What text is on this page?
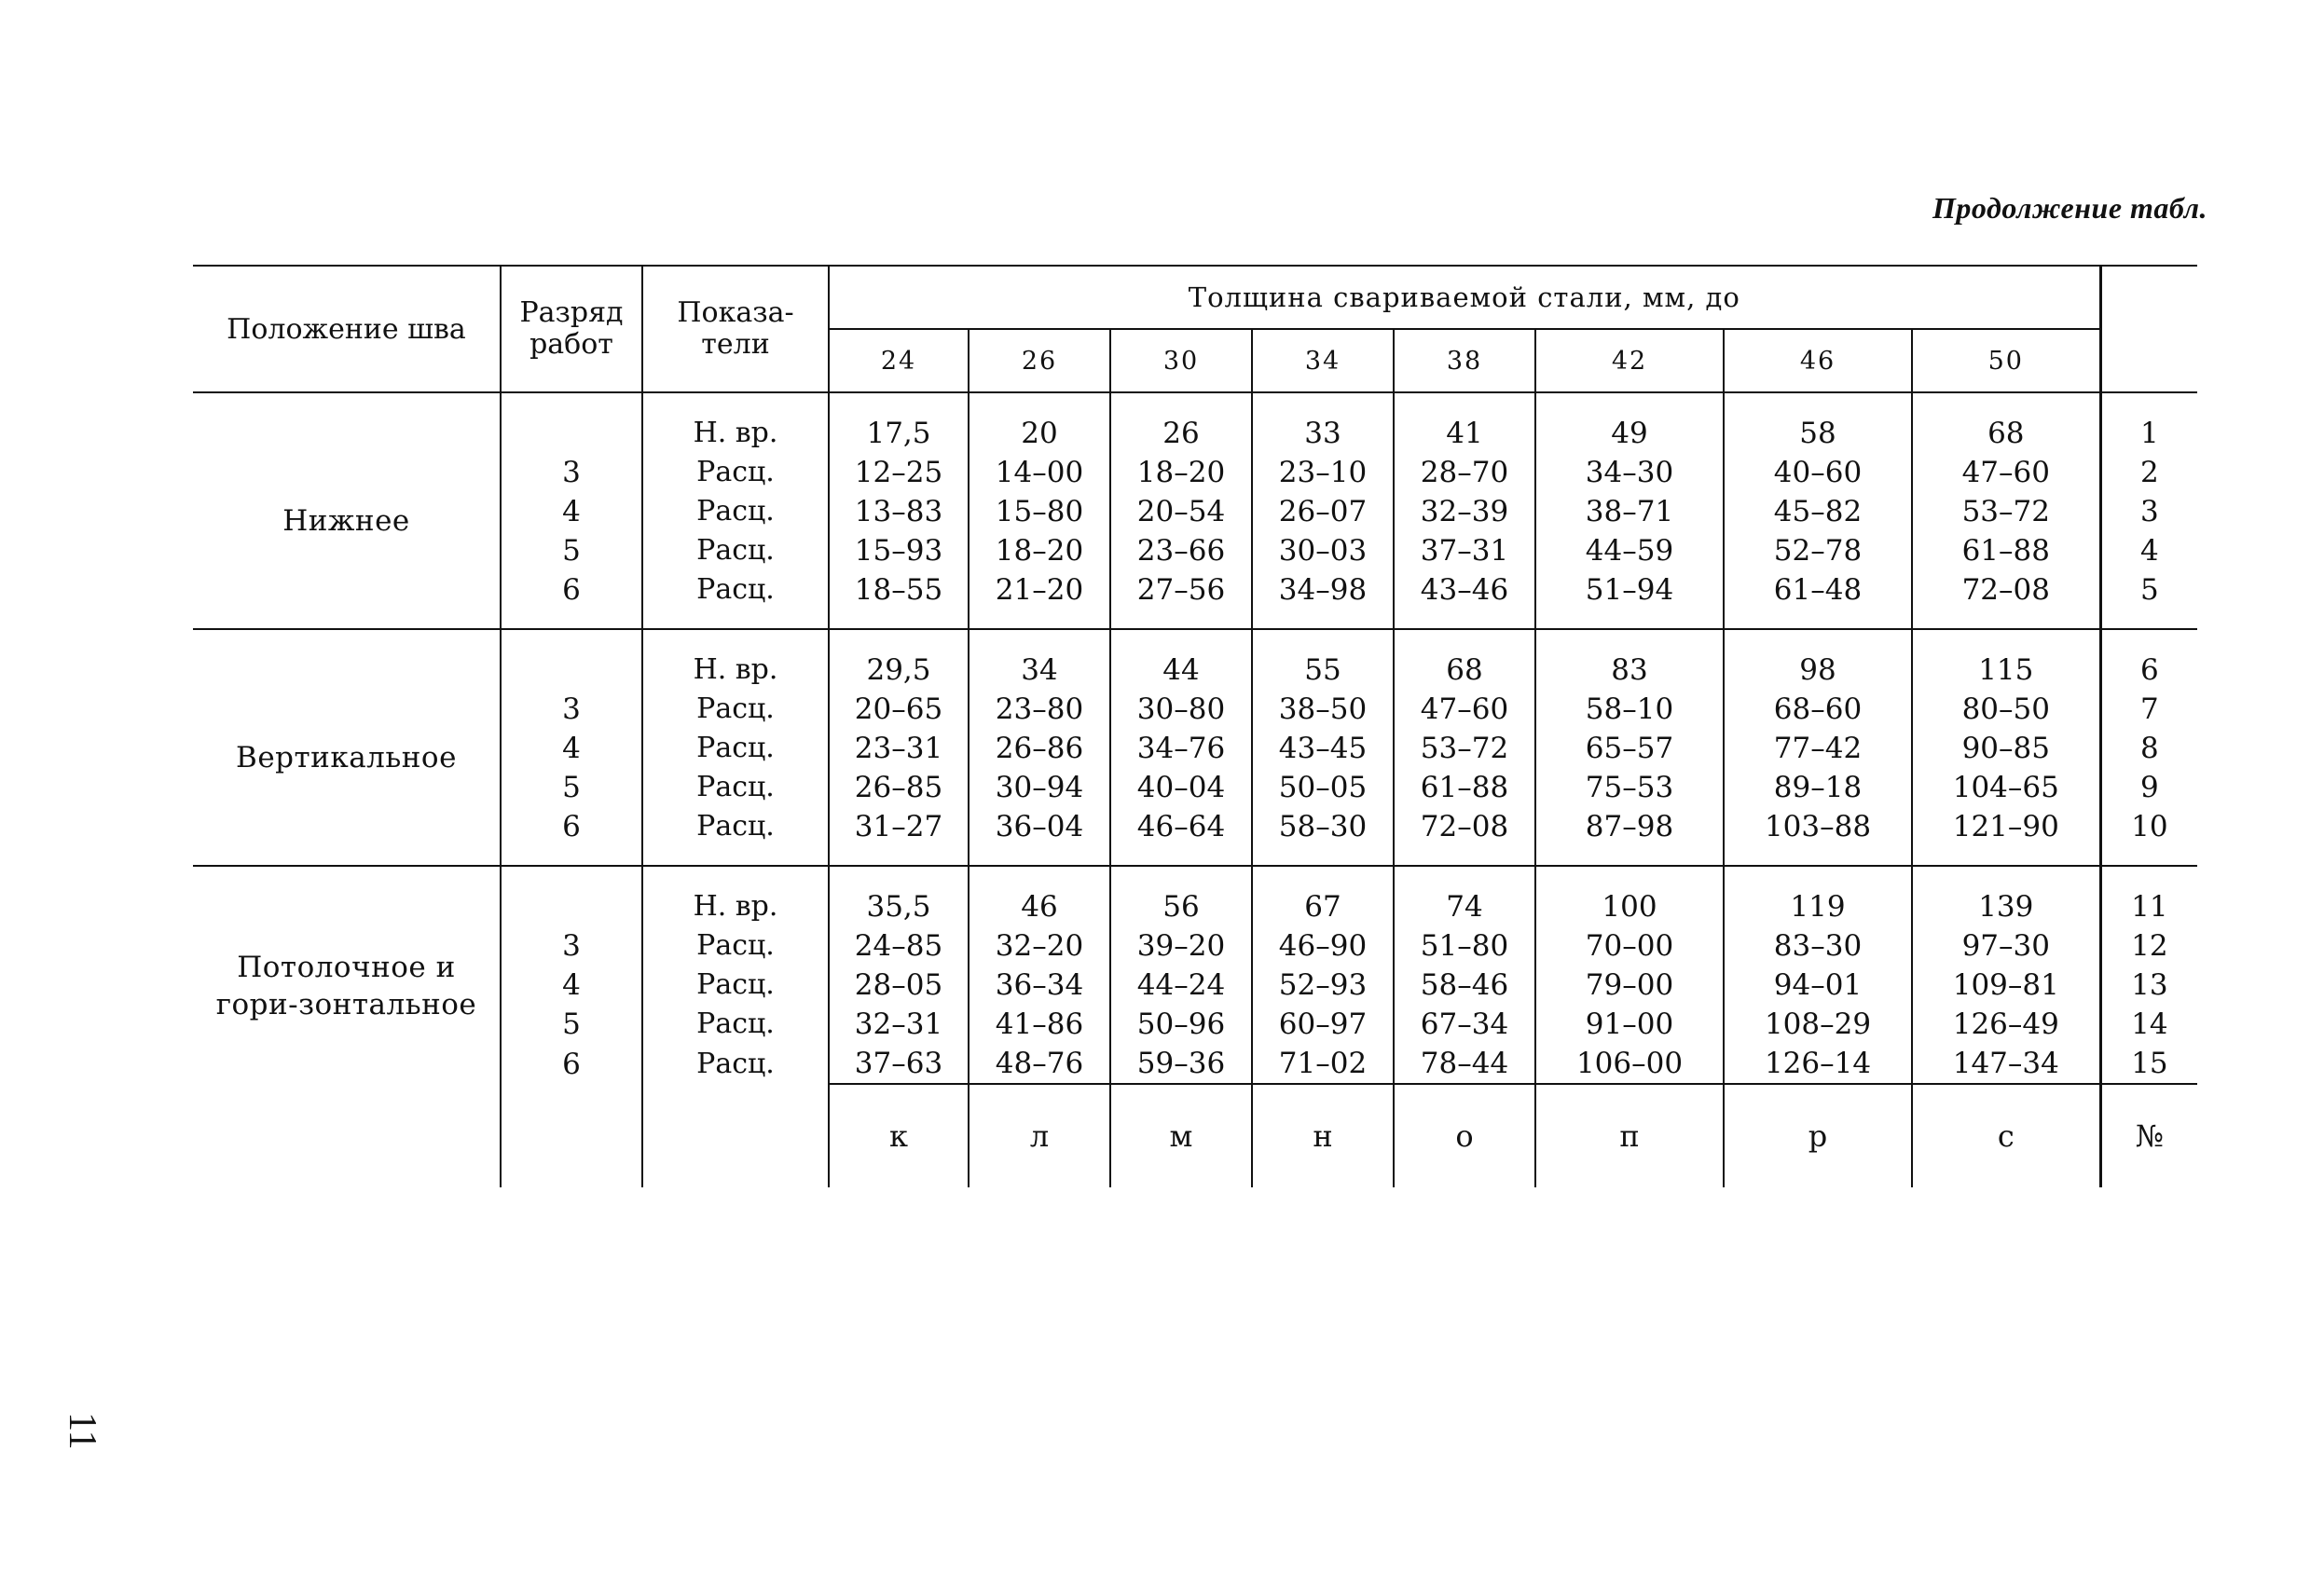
Продолжение табл.
Положение шва	Разряд работ	Показа-тели	Толщина свариваемой стали, мм, до								
			24	26	30	34	38	42	46	50	
Нижнее		Н. вр.	17,5	20	26	33	41	49	58	68	1
	3	Расц.	12–25	14–00	18–20	23–10	28–70	34–30	40–60	47–60	2
	4	Расц.	13–83	15–80	20–54	26–07	32–39	38–71	45–82	53–72	3
	5	Расц.	15–93	18–20	23–66	30–03	37–31	44–59	52–78	61–88	4
	6	Расц.	18–55	21–20	27–56	34–98	43–46	51–94	61–48	72–08	5
Вертикальное		Н. вр.	29,5	34	44	55	68	83	98	115	6
	3	Расц.	20–65	23–80	30–80	38–50	47–60	58–10	68–60	80–50	7
	4	Расц.	23–31	26–86	34–76	43–45	53–72	65–57	77–42	90–85	8
	5	Расц.	26–85	30–94	40–04	50–05	61–88	75–53	89–18	104–65	9
	6	Расц.	31–27	36–04	46–64	58–30	72–08	87–98	103–88	121–90	10
Потолочное и гори-зонтальное		Н. вр.	35,5	46	56	67	74	100	119	139	11
	3	Расц.	24–85	32–20	39–20	46–90	51–80	70–00	83–30	97–30	12
	4	Расц.	28–05	36–34	44–24	52–93	58–46	79–00	94–01	109–81	13
	5	Расц.	32–31	41–86	50–96	60–97	67–34	91–00	108–29	126–49	14
	6	Расц.	37–63	48–76	59–36	71–02	78–44	106–00	126–14	147–34	15
			к	л	м	н	о	п	р	с	№
11
